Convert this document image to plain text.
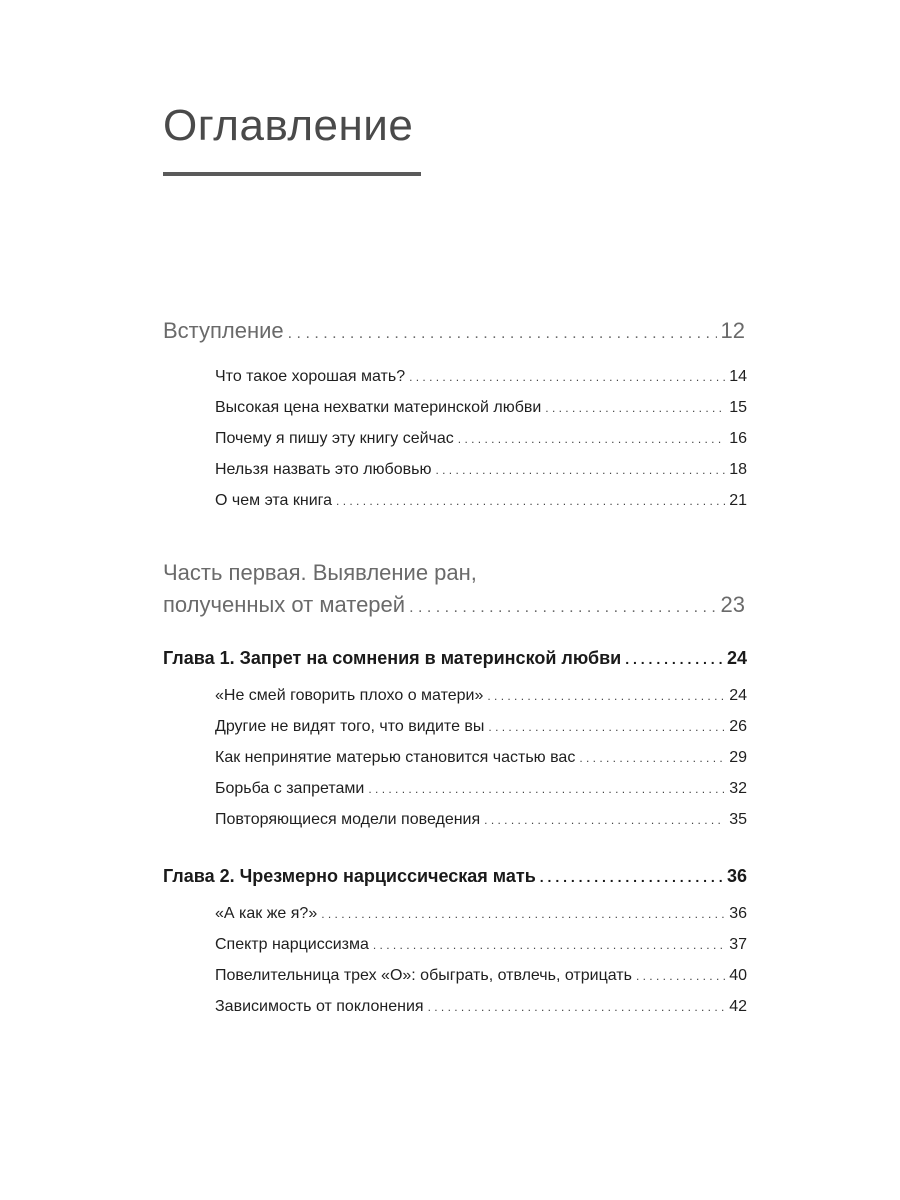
Оглавление
Вступление . . .	12
Что такое хорошая мать? . . .	14
Высокая цена нехватки материнской любви . . .	15
Почему я пишу эту книгу сейчас . . .	16
Нельзя назвать это любовью . . .	18
О чем эта книга . . .	21
Часть первая. Выявление ран,
полученных от матерей . . .	23
Глава 1. Запрет на сомнения в материнской любви . . .	24
«Не смей говорить плохо о матери» . . .	24
Другие не видят того, что видите вы . . .	26
Как непринятие матерью становится частью вас . . .	29
Борьба с запретами . . .	32
Повторяющиеся модели поведения . . .	35
Глава 2. Чрезмерно нарциссическая мать . . .	36
«А как же я?» . . .	36
Спектр нарциссизма . . .	37
Повелительница трех «О»: обыграть, отвлечь, отрицать . . .	40
Зависимость от поклонения . . .	42
